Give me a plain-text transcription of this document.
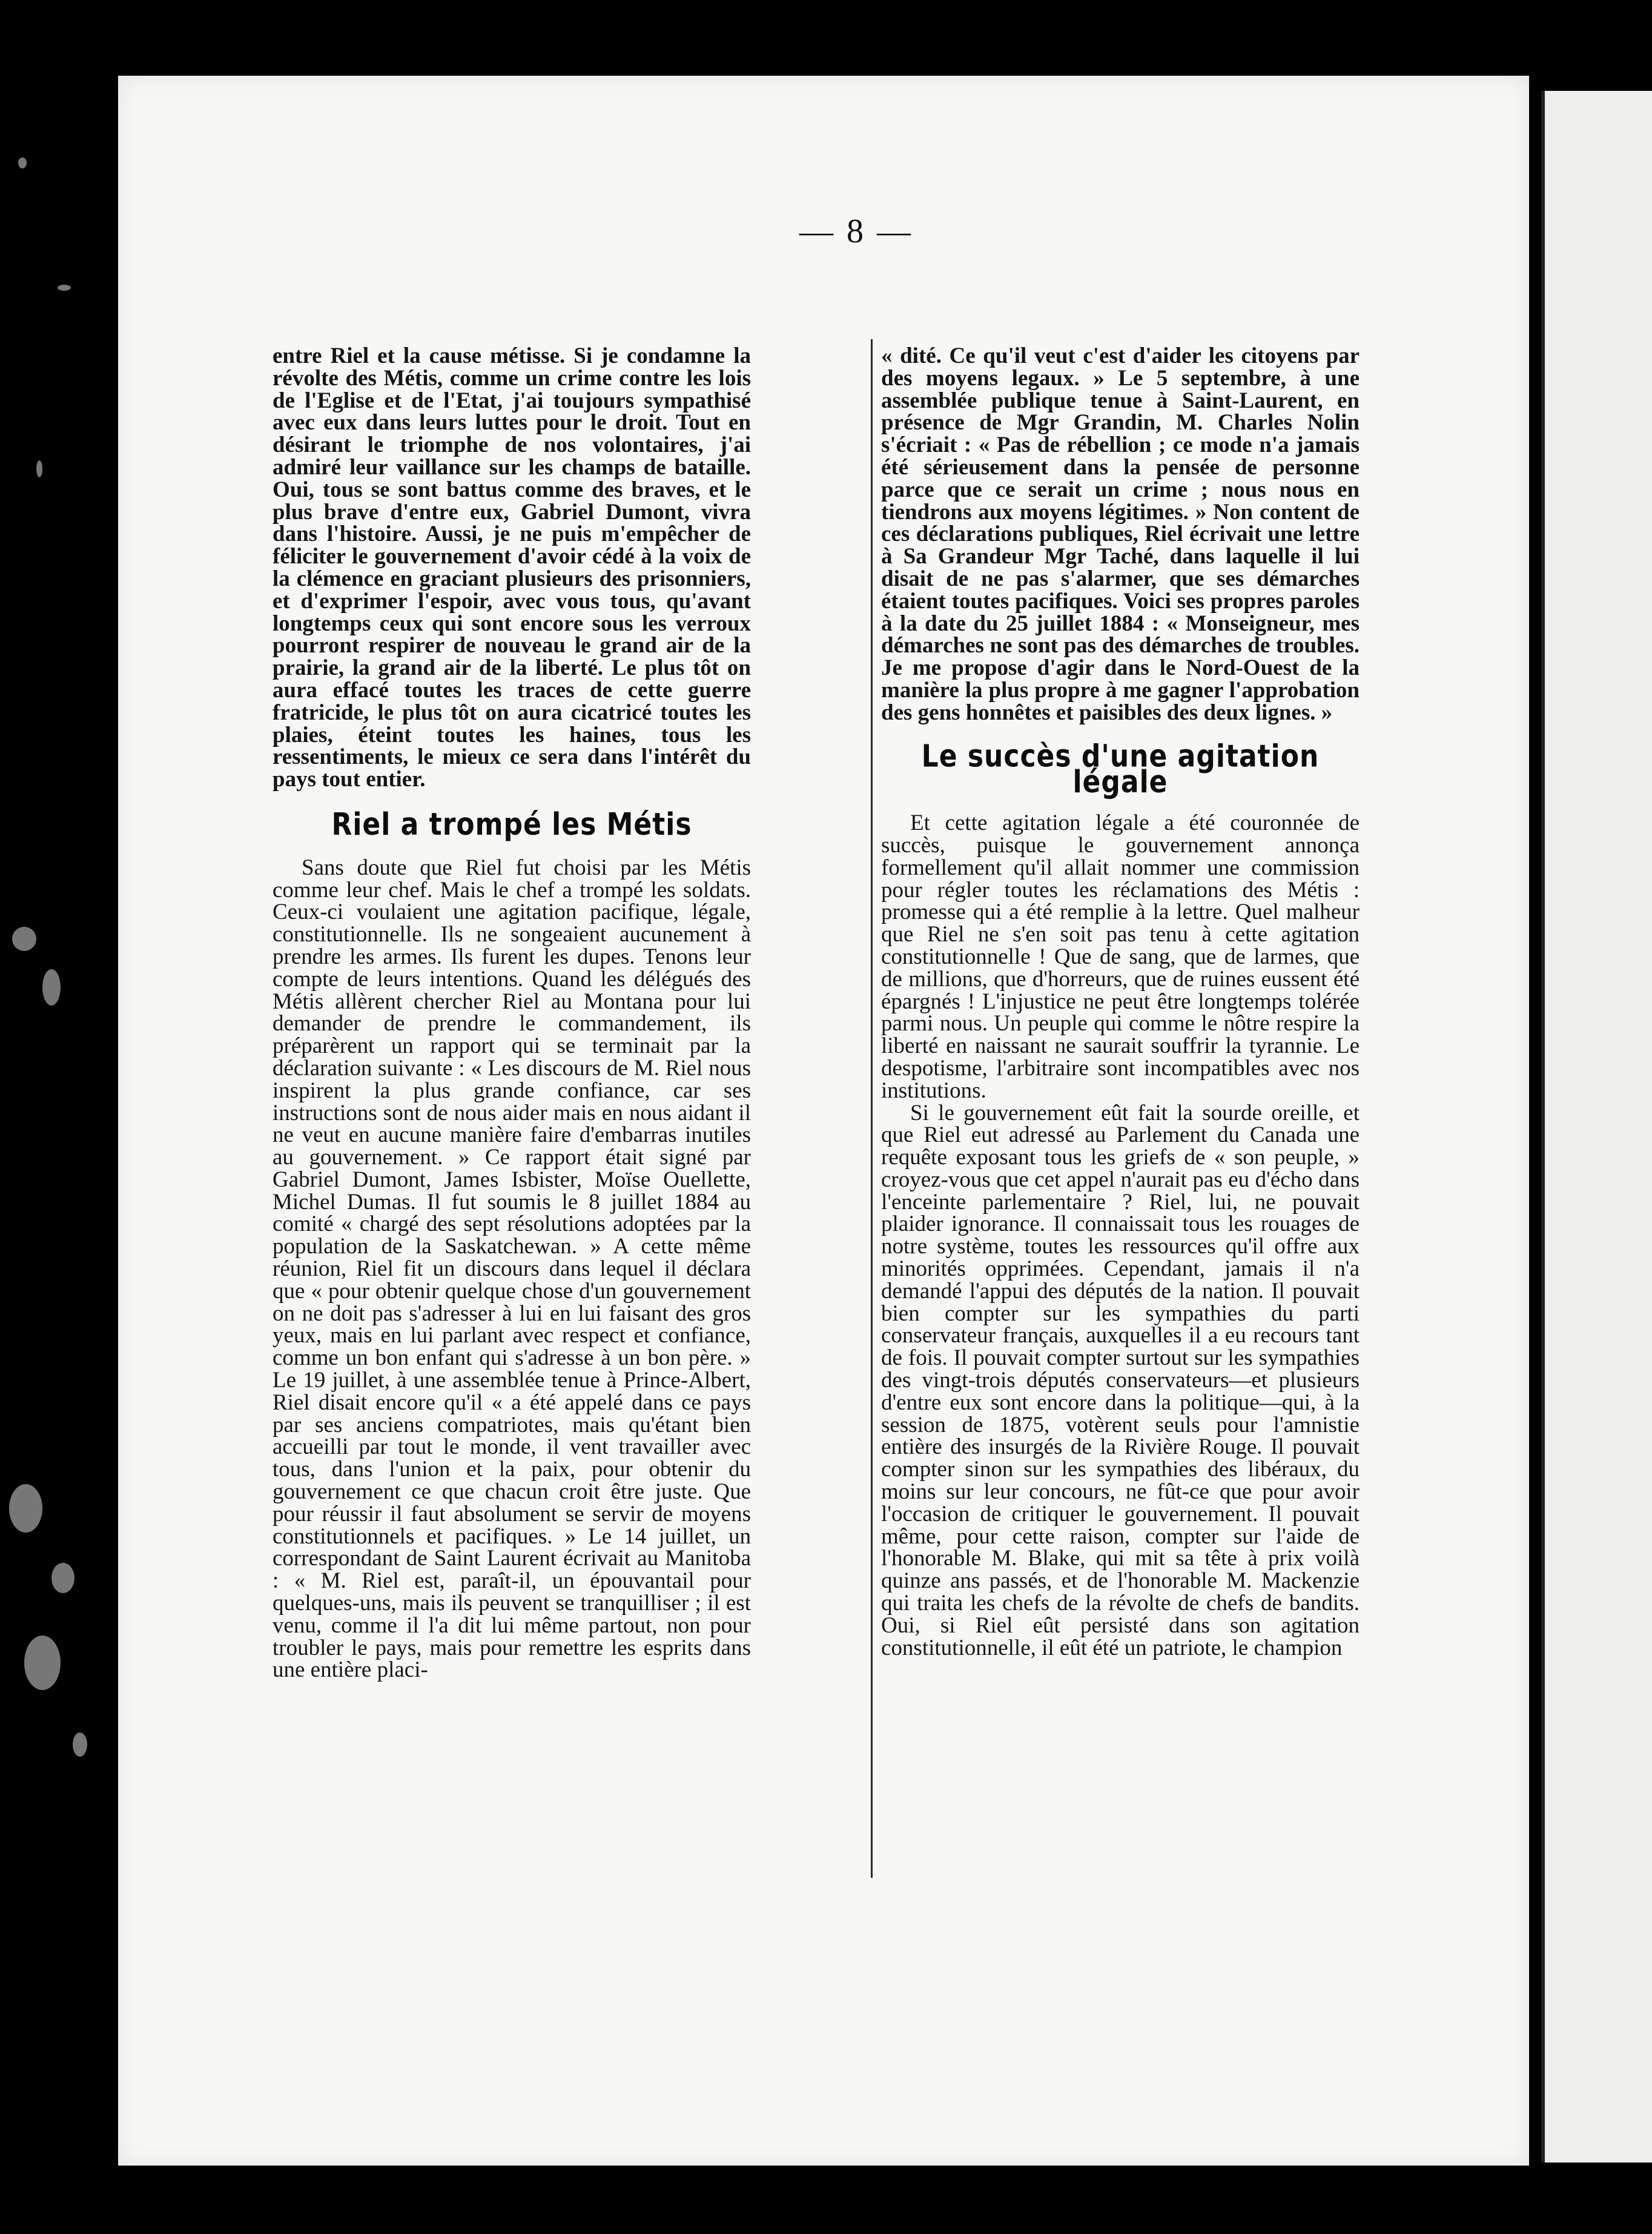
— 8 —

entre Riel et la cause métisse. Si je condamne la révolte des Métis, comme un crime contre les lois de l'Eglise et de l'Etat, j'ai toujours sympathisé avec eux dans leurs luttes pour le droit. Tout en désirant le triomphe de nos volontaires, j'ai admiré leur vaillance sur les champs de bataille. Oui, tous se sont battus comme des braves, et le plus brave d'entre eux, Gabriel Dumont, vivra dans l'histoire. Aussi, je ne puis m'empêcher de féliciter le gouvernement d'avoir cédé à la voix de la clémence en graciant plusieurs des prisonniers, et d'exprimer l'espoir, avec vous tous, qu'avant longtemps ceux qui sont encore sous les verroux pourront respirer de nouveau le grand air de la prairie, la grand air de la liberté. Le plus tôt on aura effacé toutes les traces de cette guerre fratricide, le plus tôt on aura cicatricé toutes les plaies, éteint toutes les haines, tous les ressentiments, le mieux ce sera dans l'intérêt du pays tout entier.

Riel a trompé les Métis

Sans doute que Riel fut choisi par les Métis comme leur chef. Mais le chef a trompé les soldats. Ceux-ci voulaient une agitation pacifique, légale, constitutionnelle. Ils ne songeaient aucunement à prendre les armes. Ils furent les dupes. Tenons leur compte de leurs intentions. Quand les délégués des Métis allèrent chercher Riel au Montana pour lui demander de prendre le commandement, ils préparèrent un rapport qui se terminait par la déclaration suivante : « Les discours de M. Riel nous inspirent la plus grande confiance, car ses instructions sont de nous aider mais en nous aidant il ne veut en aucune manière faire d'embarras inutiles au gouvernement. » Ce rapport était signé par Gabriel Dumont, James Isbister, Moïse Ouellette, Michel Dumas. Il fut soumis le 8 juillet 1884 au comité « chargé des sept résolutions adoptées par la population de la Saskatchewan. » A cette même réunion, Riel fit un discours dans lequel il déclara que « pour obtenir quelque chose d'un gouvernement on ne doit pas s'adresser à lui en lui faisant des gros yeux, mais en lui parlant avec respect et confiance, comme un bon enfant qui s'adresse à un bon père. » Le 19 juillet, à une assemblée tenue à Prince-Albert, Riel disait encore qu'il « a été appelé dans ce pays par ses anciens compatriotes, mais qu'étant bien accueilli par tout le monde, il vent travailler avec tous, dans l'union et la paix, pour obtenir du gouvernement ce que chacun croit être juste. Que pour réussir il faut absolument se servir de moyens constitutionnels et pacifiques. » Le 14 juillet, un correspondant de Saint Laurent écrivait au Manitoba : « M. Riel est, paraît-il, un épouvantail pour quelques-uns, mais ils peuvent se tranquilliser ; il est venu, comme il l'a dit lui même partout, non pour troubler le pays, mais pour remettre les esprits dans une entière placi-

« dité. Ce qu'il veut c'est d'aider les citoyens par des moyens legaux. » Le 5 septembre, à une assemblée publique tenue à Saint-Laurent, en présence de Mgr Grandin, M. Charles Nolin s'écriait : « Pas de rébellion ; ce mode n'a jamais été sérieusement dans la pensée de personne parce que ce serait un crime ; nous nous en tiendrons aux moyens légitimes. » Non content de ces déclarations publiques, Riel écrivait une lettre à Sa Grandeur Mgr Taché, dans laquelle il lui disait de ne pas s'alarmer, que ses démarches étaient toutes pacifiques. Voici ses propres paroles à la date du 25 juillet 1884 : « Monseigneur, mes démarches ne sont pas des démarches de troubles. Je me propose d'agir dans le Nord-Ouest de la manière la plus propre à me gagner l'approbation des gens honnêtes et paisibles des deux lignes. »

Le succès d'une agitation légale

Et cette agitation légale a été couronnée de succès, puisque le gouvernement annonça formellement qu'il allait nommer une commission pour régler toutes les réclamations des Métis : promesse qui a été remplie à la lettre. Quel malheur que Riel ne s'en soit pas tenu à cette agitation constitutionnelle ! Que de sang, que de larmes, que de millions, que d'horreurs, que de ruines eussent été épargnés ! L'injustice ne peut être longtemps tolérée parmi nous. Un peuple qui comme le nôtre respire la liberté en naissant ne saurait souffrir la tyrannie. Le despotisme, l'arbitraire sont incompatibles avec nos institutions.

Si le gouvernement eût fait la sourde oreille, et que Riel eut adressé au Parlement du Canada une requête exposant tous les griefs de « son peuple, » croyez-vous que cet appel n'aurait pas eu d'écho dans l'enceinte parlementaire ? Riel, lui, ne pouvait plaider ignorance. Il connaissait tous les rouages de notre système, toutes les ressources qu'il offre aux minorités opprimées. Cependant, jamais il n'a demandé l'appui des députés de la nation. Il pouvait bien compter sur les sympathies du parti conservateur français, auxquelles il a eu recours tant de fois. Il pouvait compter surtout sur les sympathies des vingt-trois députés conservateurs—et plusieurs d'entre eux sont encore dans la politique—qui, à la session de 1875, votèrent seuls pour l'amnistie entière des insurgés de la Rivière Rouge. Il pouvait compter sinon sur les sympathies des libéraux, du moins sur leur concours, ne fût-ce que pour avoir l'occasion de critiquer le gouvernement. Il pouvait même, pour cette raison, compter sur l'aide de l'honorable M. Blake, qui mit sa tête à prix voilà quinze ans passés, et de l'honorable M. Mackenzie qui traita les chefs de la révolte de chefs de bandits. Oui, si Riel eût persisté dans son agitation constitutionnelle, il eût été un patriote, le champion
